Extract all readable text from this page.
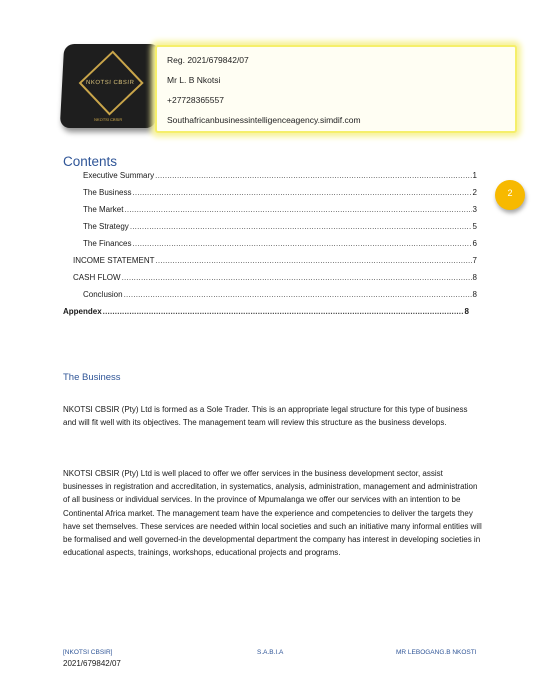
NKOTSI CBSIR
NKOTSI CBSIR
Reg. 2021/679842/07
Mr L. B Nkotsi
+27728365557
Southafricanbusinessintelligenceagency.simdif.com
Contents
Executive Summary .....	1
The Business .....	2
The Market .....	3
The Strategy .....	5
The Finances .....	6
INCOME STATEMENT .....	7
CASH FLOW .....	8
Conclusion .....	8
Appendex .....	8
2
The Business
NKOTSI CBSIR (Pty) Ltd is formed as a Sole Trader. This is an appropriate legal structure for this type of business and will fit well with its objectives. The management team will review this structure as the business develops.
NKOTSI CBSIR (Pty) Ltd is well placed to offer we offer services in the business development sector, assist businesses in registration and accreditation, in systematics, analysis, administration, management and administration of all business or individual services. In the province of Mpumalanga we offer our services with an intention to be Continental Africa market. The management team have the experience and competencies to deliver the targets they have set themselves. These services are needed within local societies and such an initiative many informal entities will be formalised and well governed-in the developmental department the company has interest in developing societies in educational aspects, trainings, workshops, educational projects and programs.
[NKOTSI CBSIR]	S.A.B.I.A	MR LEBOGANG.B NKOSTI
2021/679842/07
